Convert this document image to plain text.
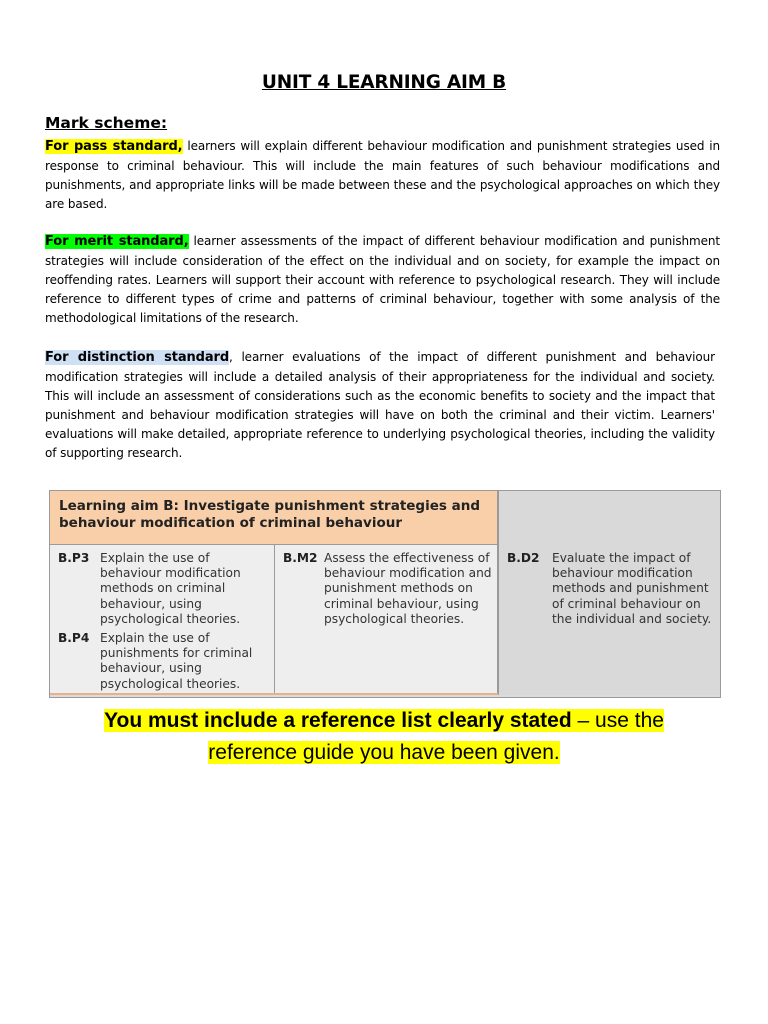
UNIT 4 LEARNING AIM B
Mark scheme:
For pass standard, learners will explain different behaviour modification and punishment strategies used in response to criminal behaviour. This will include the main features of such behaviour modifications and punishments, and appropriate links will be made between these and the psychological approaches on which they are based.
For merit standard, learner assessments of the impact of different behaviour modification and punishment strategies will include consideration of the effect on the individual and on society, for example the impact on reoffending rates. Learners will support their account with reference to psychological research. They will include reference to different types of crime and patterns of criminal behaviour, together with some analysis of the methodological limitations of the research.
For distinction standard, learner evaluations of the impact of different punishment and behaviour modification strategies will include a detailed analysis of their appropriateness for the individual and society. This will include an assessment of considerations such as the economic benefits to society and the impact that punishment and behaviour modification strategies will have on both the criminal and their victim. Learners' evaluations will make detailed, appropriate reference to underlying psychological theories, including the validity of supporting research.
Learning aim B: Investigate punishment strategies and behaviour modification of criminal behaviour
B.P3 Explain the use of behaviour modification methods on criminal behaviour, using psychological theories.
B.P4 Explain the use of punishments for criminal behaviour, using psychological theories.
B.M2 Assess the effectiveness of behaviour modification and punishment methods on criminal behaviour, using psychological theories.
B.D2 Evaluate the impact of behaviour modification methods and punishment of criminal behaviour on the individual and society.
You must include a reference list clearly stated – use the
reference guide you have been given.
